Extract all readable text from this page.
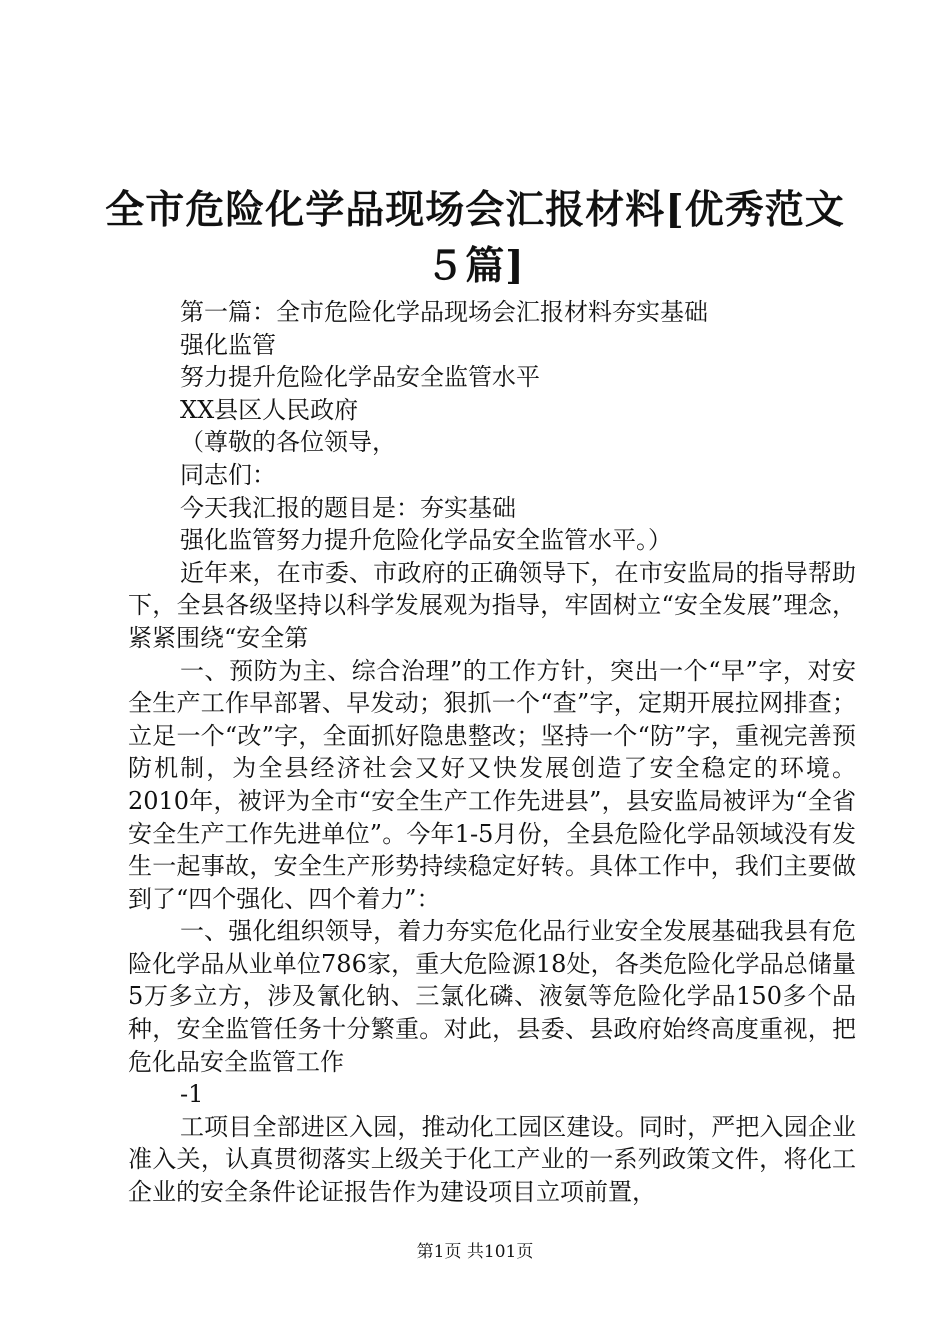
全市危险化学品现场会汇报材料[优秀范文５篇]

第一篇：全市危险化学品现场会汇报材料夯实基础

强化监管

努力提升危险化学品安全监管水平

XX县区人民政府

（尊敬的各位领导，

同志们：

今天我汇报的题目是：夯实基础

强化监管努力提升危险化学品安全监管水平。）

近年来，在市委、市政府的正确领导下，在市安监局的指导帮助下，全县各级坚持以科学发展观为指导，牢固树立“安全发展”理念，紧紧围绕“安全第

一、预防为主、综合治理”的工作方针，突出一个“早”字，对安全生产工作早部署、早发动；狠抓一个“查”字，定期开展拉网排查；立足一个“改”字，全面抓好隐患整改；坚持一个“防”字，重视完善预防机制，为全县经济社会又好又快发展创造了安全稳定的环境。2010年，被评为全市“安全生产工作先进县”，县安监局被评为“全省安全生产工作先进单位”。今年1-5月份，全县危险化学品领域没有发生一起事故，安全生产形势持续稳定好转。具体工作中，我们主要做到了“四个强化、四个着力”：

一、强化组织领导，着力夯实危化品行业安全发展基础我县有危险化学品从业单位786家，重大危险源18处，各类危险化学品总储量5万多立方，涉及氰化钠、三氯化磷、液氨等危险化学品150多个品种，安全监管任务十分繁重。对此，县委、县政府始终高度重视，把危化品安全监管工作

-1

工项目全部进区入园，推动化工园区建设。同时，严把入园企业准入关，认真贯彻落实上级关于化工产业的一系列政策文件，将化工企业的安全条件论证报告作为建设项目立项前置，

第1页 共101页
